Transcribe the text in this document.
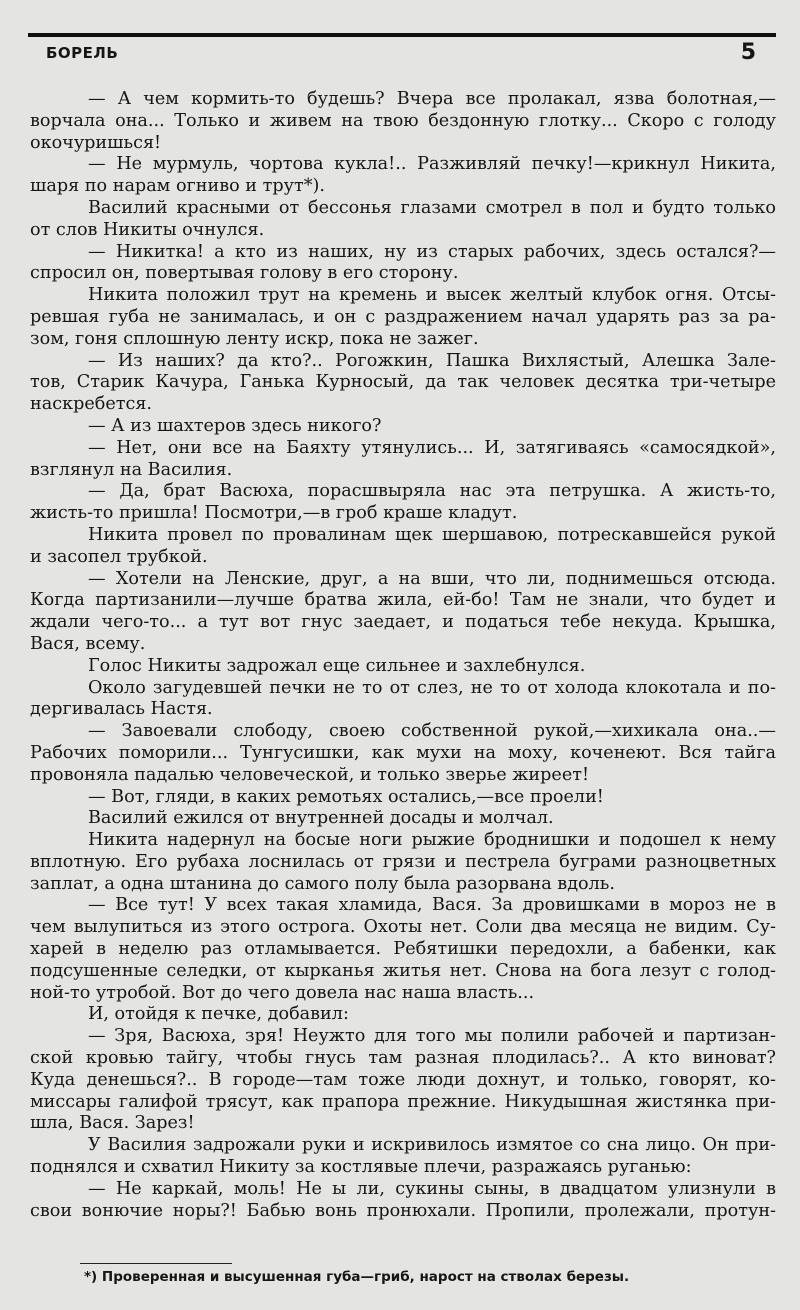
БОРЕЛЬ	5
— А чем кормить-то будешь? Вчера все пролакал, язва болотная,—
ворчала она... Только и живем на твою бездонную глотку... Скоро с голоду
окочуришься!
— Не мурмуль, чортова кукла!.. Разживляй печку!—крикнул Никита,
шаря по нарам огниво и трут*).
Василий красными от бессонья глазами смотрел в пол и будто только
от слов Никиты очнулся.
— Никитка! а кто из наших, ну из старых рабочих, здесь остался?—
спросил он, повертывая голову в его сторону.
Никита положил трут на кремень и высек желтый клубок огня. Отсы-
ревшая губа не занималась, и он с раздражением начал ударять раз за ра-
зом, гоня сплошную ленту искр, пока не зажег.
— Из наших? да кто?.. Рогожкин, Пашка Вихлястый, Алешка Зале-
тов, Старик Качура, Ганька Курносый, да так человек десятка три-четыре
наскребется.
— А из шахтеров здесь никого?
— Нет, они все на Баяхту утянулись... И, затягиваясь «самосядкой»,
взглянул на Василия.
— Да, брат Васюха, порасшвыряла нас эта петрушка. А жисть-то,
жисть-то пришла! Посмотри,—в гроб краше кладут.
Никита провел по провалинам щек шершавою, потрескавшейся рукой
и засопел трубкой.
— Хотели на Ленские, друг, а на вши, что ли, поднимешься отсюда.
Когда партизанили—лучше братва жила, ей-бо! Там не знали, что будет и
ждали чего-то... а тут вот гнус заедает, и податься тебе некуда. Крышка,
Вася, всему.
Голос Никиты задрожал еще сильнее и захлебнулся.
Около загудевшей печки не то от слез, не то от холода клокотала и по-
дергивалась Настя.
— Завоевали слободу, своею собственной рукой,—хихикала она..—
Рабочих поморили... Тунгусишки, как мухи на моху, коченеют. Вся тайга
провоняла падалью человеческой, и только зверье жиреет!
— Вот, гляди, в каких ремотьях остались,—все проели!
Василий ежился от внутренней досады и молчал.
Никита надернул на босые ноги рыжие броднишки и подошел к нему
вплотную. Его рубаха лоснилась от грязи и пестрела буграми разноцветных
заплат, а одна штанина до самого полу была разорвана вдоль.
— Все тут! У всех такая хламида, Вася. За дровишками в мороз не в
чем вылупиться из этого острога. Охоты нет. Соли два месяца не видим. Су-
харей в неделю раз отламывается. Ребятишки передохли, а бабенки, как
подсушенные селедки, от кырканья житья нет. Снова на бога лезут с голод-
ной-то утробой. Вот до чего довела нас наша власть...
И, отойдя к печке, добавил:
— Зря, Васюха, зря! Неужто для того мы полили рабочей и партизан-
ской кровью тайгу, чтобы гнусь там разная плодилась?.. А кто виноват?
Куда денешься?.. В городе—там тоже люди дохнут, и только, говорят, ко-
миссары галифой трясут, как прапора прежние. Никудышная жистянка при-
шла, Вася. Зарез!
У Василия задрожали руки и искривилось измятое со сна лицо. Он при-
поднялся и схватил Никиту за костлявые плечи, разражаясь руганью:
— Не каркай, моль! Не ы ли, сукины сыны, в двадцатом улизнули в
свои вонючие норы?! Бабью вонь пронюхали. Пропили, пролежали, протун-
*) Проверенная и высушенная губа—гриб, нарост на стволах березы.
